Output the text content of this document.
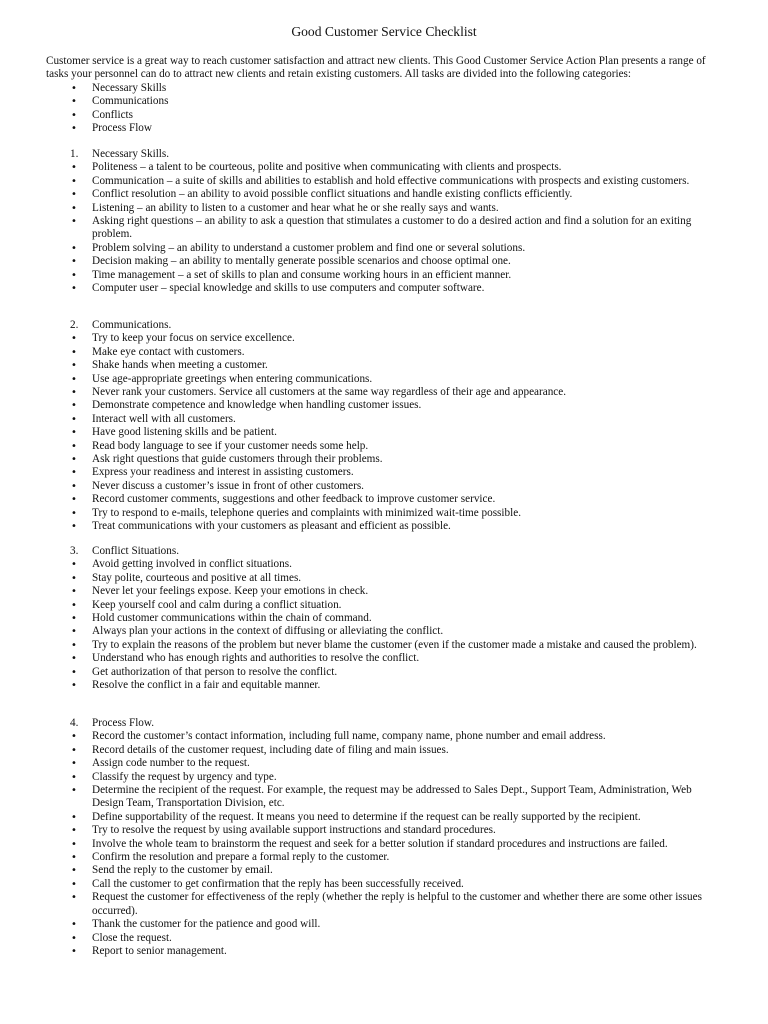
Good Customer Service Checklist

Customer service is a great way to reach customer satisfaction and attract new clients. This Good Customer Service Action Plan presents a range of tasks your personnel can do to attract new clients and retain existing customers. All tasks are divided into the following categories:

• Necessary Skills
• Communications
• Conflicts
• Process Flow
1. Necessary Skills.
• Politeness – a talent to be courteous, polite and positive when communicating with clients and prospects.
• Communication – a suite of skills and abilities to establish and hold effective communications with prospects and existing customers.
• Conflict resolution – an ability to avoid possible conflict situations and handle existing conflicts efficiently.
• Listening – an ability to listen to a customer and hear what he or she really says and wants.
• Asking right questions – an ability to ask a question that stimulates a customer to do a desired action and find a solution for an exiting problem.
• Problem solving – an ability to understand a customer problem and find one or several solutions.
• Decision making – an ability to mentally generate possible scenarios and choose optimal one.
• Time management – a set of skills to plan and consume working hours in an efficient manner.
• Computer user – special knowledge and skills to use computers and computer software.
2. Communications.
• Try to keep your focus on service excellence.
• Make eye contact with customers.
• Shake hands when meeting a customer.
• Use age-appropriate greetings when entering communications.
• Never rank your customers. Service all customers at the same way regardless of their age and appearance.
• Demonstrate competence and knowledge when handling customer issues.
• Interact well with all customers.
• Have good listening skills and be patient.
• Read body language to see if your customer needs some help.
• Ask right questions that guide customers through their problems.
• Express your readiness and interest in assisting customers.
• Never discuss a customer’s issue in front of other customers.
• Record customer comments, suggestions and other feedback to improve customer service.
• Try to respond to e-mails, telephone queries and complaints with minimized wait-time possible.
• Treat communications with your customers as pleasant and efficient as possible.
3. Conflict Situations.
• Avoid getting involved in conflict situations.
• Stay polite, courteous and positive at all times.
• Never let your feelings expose. Keep your emotions in check.
• Keep yourself cool and calm during a conflict situation.
• Hold customer communications within the chain of command.
• Always plan your actions in the context of diffusing or alleviating the conflict.
• Try to explain the reasons of the problem but never blame the customer (even if the customer made a mistake and caused the problem).
• Understand who has enough rights and authorities to resolve the conflict.
• Get authorization of that person to resolve the conflict.
• Resolve the conflict in a fair and equitable manner.
4. Process Flow.
• Record the customer’s contact information, including full name, company name, phone number and email address.
• Record details of the customer request, including date of filing and main issues.
• Assign code number to the request.
• Classify the request by urgency and type.
• Determine the recipient of the request. For example, the request may be addressed to Sales Dept., Support Team, Administration, Web Design Team, Transportation Division, etc.
• Define supportability of the request. It means you need to determine if the request can be really supported by the recipient.
• Try to resolve the request by using available support instructions and standard procedures.
• Involve the whole team to brainstorm the request and seek for a better solution if standard procedures and instructions are failed.
• Confirm the resolution and prepare a formal reply to the customer.
• Send the reply to the customer by email.
• Call the customer to get confirmation that the reply has been successfully received.
• Request the customer for effectiveness of the reply (whether the reply is helpful to the customer and whether there are some other issues occurred).
• Thank the customer for the patience and good will.
• Close the request.
• Report to senior management.
